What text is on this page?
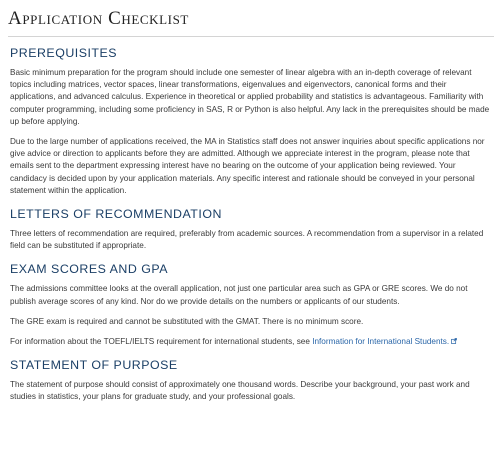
Application Checklist
PREREQUISITES

Basic minimum preparation for the program should include one semester of linear algebra with an in-depth coverage of relevant topics including matrices, vector spaces, linear transformations, eigenvalues and eigenvectors, canonical forms and their applications, and advanced calculus. Experience in theoretical or applied probability and statistics is advantageous. Familiarity with computer programming, including some proficiency in SAS, R or Python is also helpful. Any lack in the prerequisites should be made up before applying.

Due to the large number of applications received, the MA in Statistics staff does not answer inquiries about specific applications nor give advice or direction to applicants before they are admitted. Although we appreciate interest in the program, please note that emails sent to the department expressing interest have no bearing on the outcome of your application being reviewed. Your candidacy is decided upon by your application materials. Any specific interest and rationale should be conveyed in your personal statement within the application.

LETTERS OF RECOMMENDATION

Three letters of recommendation are required, preferably from academic sources. A recommendation from a supervisor in a related field can be substituted if appropriate.

EXAM SCORES AND GPA

The admissions committee looks at the overall application, not just one particular area such as GPA or GRE scores. We do not publish average scores of any kind. Nor do we provide details on the numbers or applicants of our students.

The GRE exam is required and cannot be substituted with the GMAT. There is no minimum score.

For information about the TOEFL/IELTS requirement for international students, see Information for International Students.

STATEMENT OF PURPOSE

The statement of purpose should consist of approximately one thousand words. Describe your background, your past work and studies in statistics, your plans for graduate study, and your professional goals.
